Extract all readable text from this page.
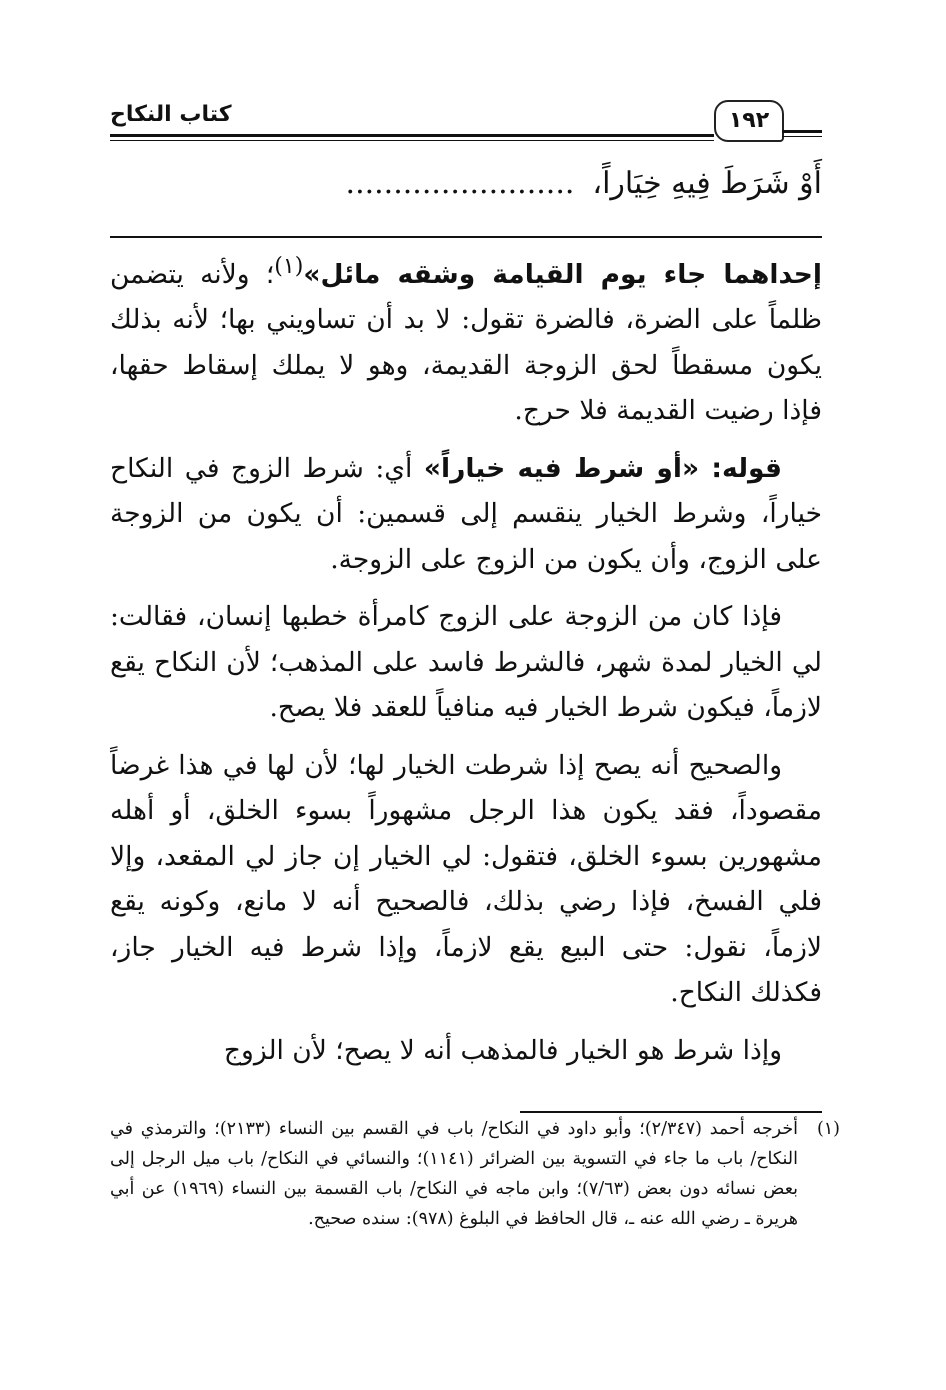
كتاب النكاح	١٩٢
أَوْ شَرَطَ فِيهِ خِيَاراً،........................

إحداهما جاء يوم القيامة وشقه مائل»$^{(١)}$؛ ولأنه يتضمن ظلماً على الضرة، فالضرة تقول: لا بد أن تساويني بها؛ لأنه بذلك يكون مسقطاً لحق الزوجة القديمة، وهو لا يملك إسقاط حقها، فإذا رضيت القديمة فلا حرج.

قوله: «أو شرط فيه خياراً» أي: شرط الزوج في النكاح خياراً، وشرط الخيار ينقسم إلى قسمين: أن يكون من الزوجة على الزوج، وأن يكون من الزوج على الزوجة.

فإذا كان من الزوجة على الزوج كامرأة خطبها إنسان، فقالت: لي الخيار لمدة شهر، فالشرط فاسد على المذهب؛ لأن النكاح يقع لازماً، فيكون شرط الخيار فيه منافياً للعقد فلا يصح.

والصحيح أنه يصح إذا شرطت الخيار لها؛ لأن لها في هذا غرضاً مقصوداً، فقد يكون هذا الرجل مشهوراً بسوء الخلق، أو أهله مشهورين بسوء الخلق، فتقول: لي الخيار إن جاز لي المقعد، وإلا فلي الفسخ، فإذا رضي بذلك، فالصحيح أنه لا مانع، وكونه يقع لازماً، نقول: حتى البيع يقع لازماً، وإذا شرط فيه الخيار جاز، فكذلك النكاح.

وإذا شرط هو الخيار فالمذهب أنه لا يصح؛ لأن الزوج

(١)
أخرجه أحمد (٢/٣٤٧)؛ وأبو داود في النكاح/ باب في القسم بين النساء (٢١٣٣)؛ والترمذي في النكاح/ باب ما جاء في التسوية بين الضرائر (١١٤١)؛ والنسائي في النكاح/ باب ميل الرجل إلى بعض نسائه دون بعض (٧/٦٣)؛ وابن ماجه في النكاح/ باب القسمة بين النساء (١٩٦٩) عن أبي هريرة ـ رضي الله عنه ـ، قال الحافظ في البلوغ (٩٧٨): سنده صحيح.
